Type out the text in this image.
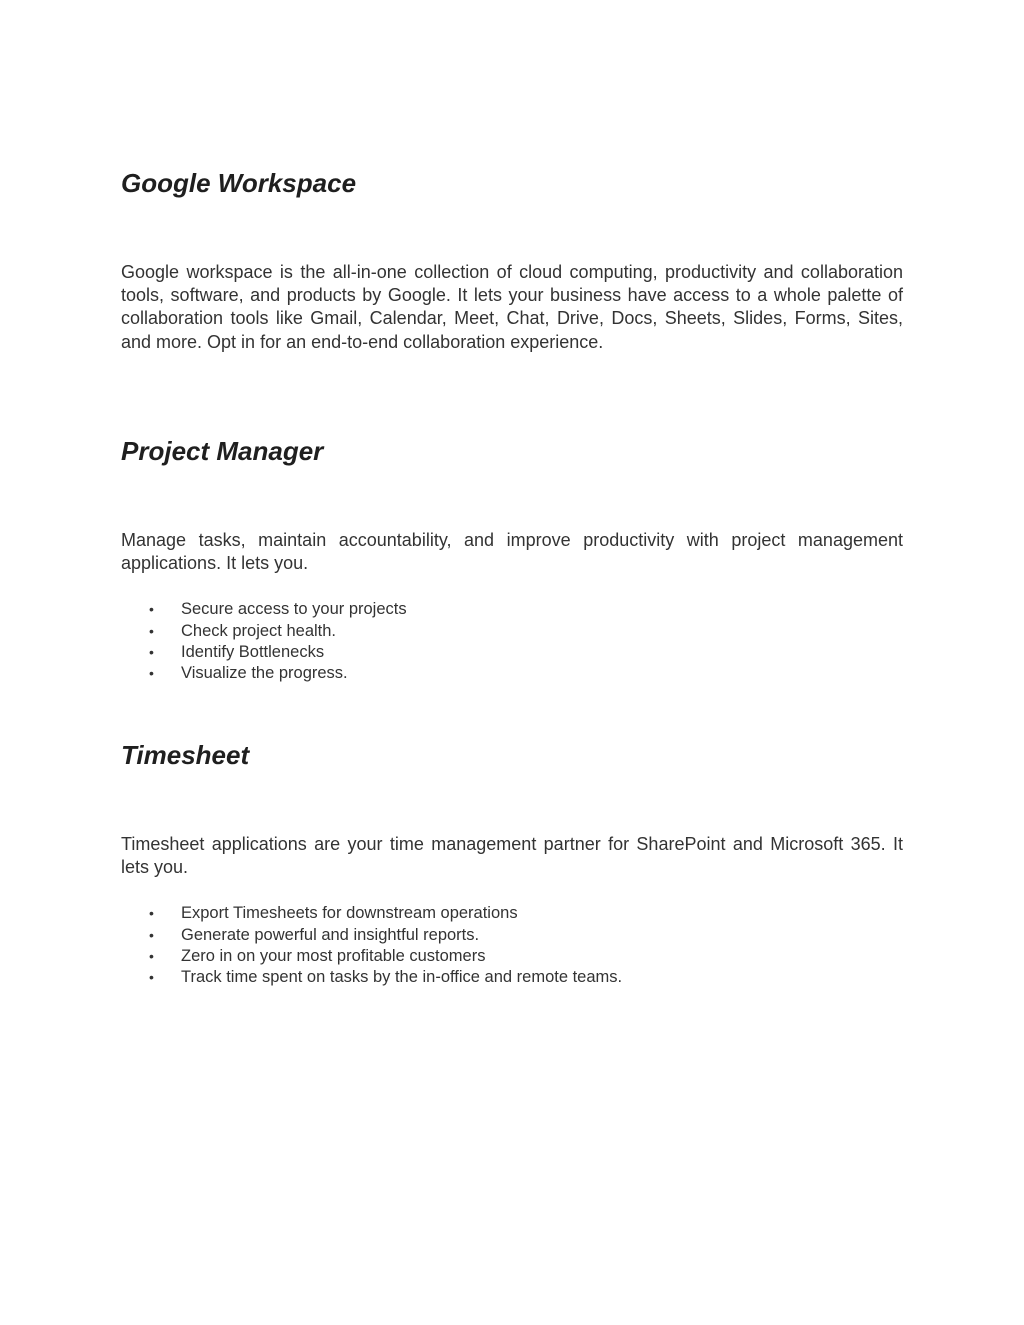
Google Workspace

Google workspace is the all-in-one collection of cloud computing, productivity and collaboration tools, software, and products by Google. It lets your business have access to a whole palette of collaboration tools like Gmail, Calendar, Meet, Chat, Drive, Docs, Sheets, Slides, Forms, Sites, and more. Opt in for an end-to-end collaboration experience.

Project Manager

Manage tasks, maintain accountability, and improve productivity with project management applications. It lets you.

• Secure access to your projects
• Check project health.
• Identify Bottlenecks
• Visualize the progress.
Timesheet

Timesheet applications are your time management partner for SharePoint and Microsoft 365. It lets you.

• Export Timesheets for downstream operations
• Generate powerful and insightful reports.
• Zero in on your most profitable customers
• Track time spent on tasks by the in-office and remote teams.
